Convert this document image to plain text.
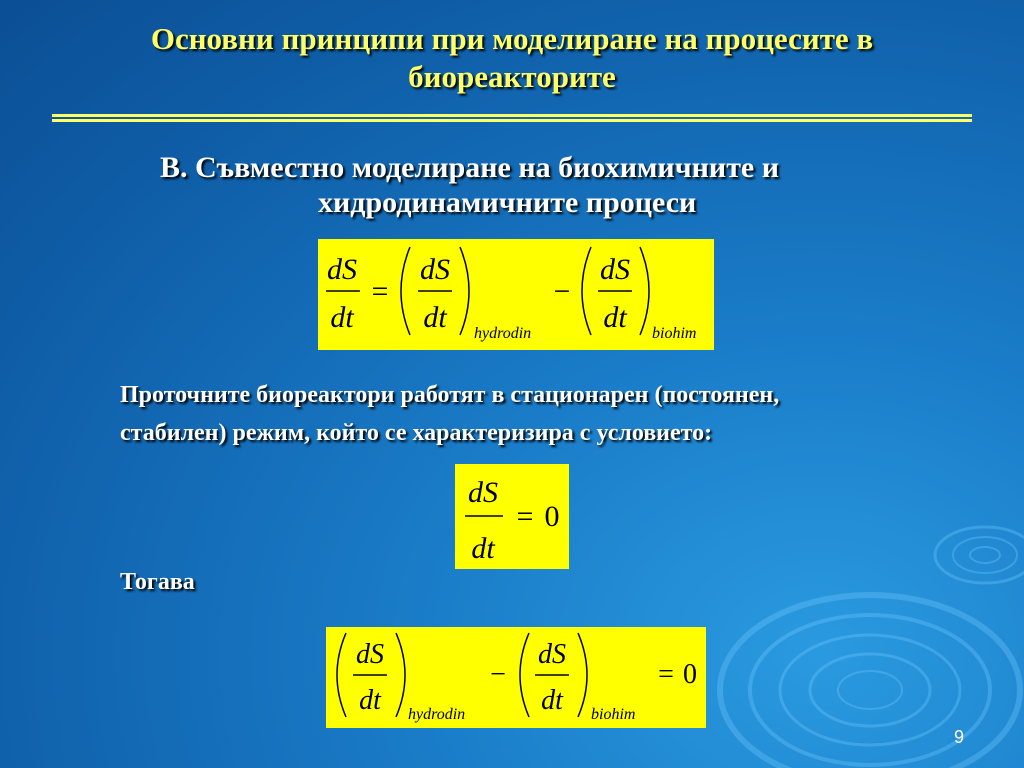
Основни принципи при моделиране на процесите в
биореакторите
B. Съвместно моделиране на биохимичните и
хидродинамичните процеси
dS
dt
=
dS
dt hydrodin
−
dS
dt biohim
Проточните биореактори работят в стационарен (постоянен,
стабилен) режим, който се характеризира с условието:
dS
dt
= 0
Тогава
dS
dt hydrodin
−
dS
dt biohim
= 0
9
